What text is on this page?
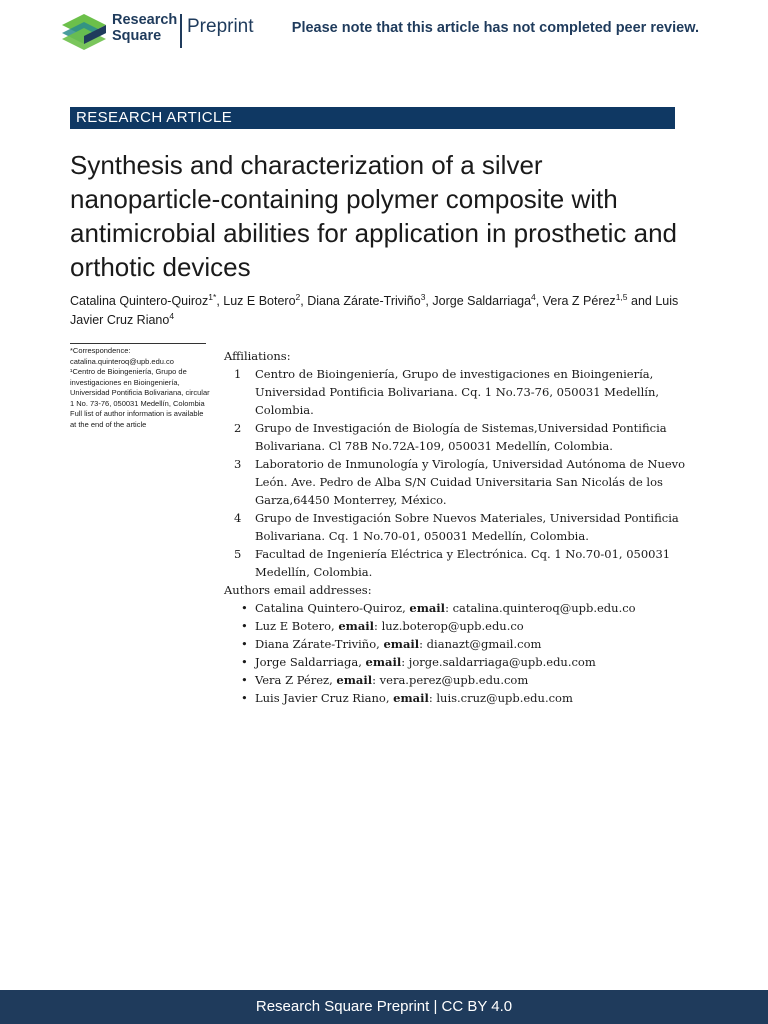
Research
Square	Preprint	Please note that this article has not completed peer review.
RESEARCH ARTICLE
Synthesis and characterization of a silver nanoparticle-containing polymer composite with antimicrobial abilities for application in prosthetic and orthotic devices
Catalina Quintero-Quiroz$^{1*}$, Luz E Botero$^2$, Diana Zárate-Triviño$^3$, Jorge Saldarriaga$^4$, Vera Z Pérez$^{1,5}$ and Luis Javier Cruz Riano$^4$
*Correspondence:
catalina.quinteroq@upb.edu.co
¹Centro de Bioingeniería, Grupo de investigaciones en Bioingeniería, Universidad Pontificia Bolivariana, circular 1 No. 73-76, 050031 Medellín, Colombia
Full list of author information is available at the end of the article
Affiliations:
1 Centro de Bioingeniería, Grupo de investigaciones en Bioingeniería, Universidad Pontificia Bolivariana. Cq. 1 No.73-76, 050031 Medellín, Colombia.
2 Grupo de Investigación de Biología de Sistemas,Universidad Pontificia Bolivariana. Cl 78B No.72A-109, 050031 Medellín, Colombia.
3 Laboratorio de Inmunología y Virología, Universidad Autónoma de Nuevo León. Ave. Pedro de Alba S/N Cuidad Universitaria San Nicolás de los Garza,64450 Monterrey, México.
4 Grupo de Investigación Sobre Nuevos Materiales, Universidad Pontificia Bolivariana. Cq. 1 No.70-01, 050031 Medellín, Colombia.
5 Facultad de Ingeniería Eléctrica y Electrónica. Cq. 1 No.70-01, 050031 Medellín, Colombia.
Authors email addresses:
• Catalina Quintero-Quiroz, email: catalina.quinteroq@upb.edu.co
• Luz E Botero, email: luz.boterop@upb.edu.co
• Diana Zárate-Triviño, email: dianazt@gmail.com
• Jorge Saldarriaga, email: jorge.saldarriaga@upb.edu.com
• Vera Z Pérez, email: vera.perez@upb.edu.com
• Luis Javier Cruz Riano, email: luis.cruz@upb.edu.com
Research Square Preprint | CC BY 4.0
